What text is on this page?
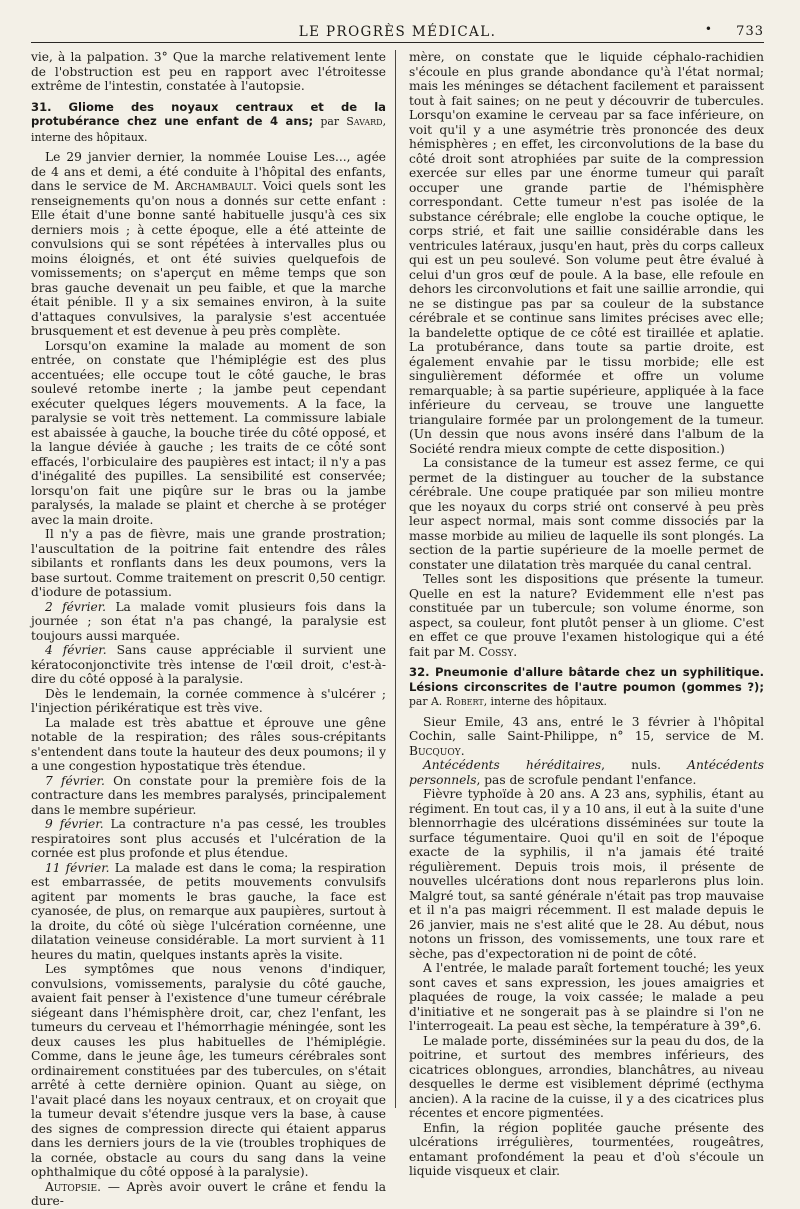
LE PROGRÈS MÉDICAL.	• 733

vie, à la palpation. 3° Que la marche relativement lente de l'obstruction est peu en rapport avec l'étroitesse extrême de l'intestin, constatée à l'autopsie.

31. Gliome des noyaux centraux et de la protubérance chez une enfant de 4 ans; par Savard, interne des hôpitaux.

Le 29 janvier dernier, la nommée Louise Les..., agée de 4 ans et demi, a été conduite à l'hôpital des enfants, dans le service de M. Archambault. Voici quels sont les renseignements qu'on nous a donnés sur cette enfant : Elle était d'une bonne santé habituelle jusqu'à ces six derniers mois ; à cette époque, elle a été atteinte de convulsions qui se sont répétées à intervalles plus ou moins éloignés, et ont été suivies quelquefois de vomissements; on s'aperçut en même temps que son bras gauche devenait un peu faible, et que la marche était pénible. Il y a six semaines environ, à la suite d'attaques convulsives, la paralysie s'est accentuée brusquement et est devenue à peu près complète.

Lorsqu'on examine la malade au moment de son entrée, on constate que l'hémiplégie est des plus accentuées; elle occupe tout le côté gauche, le bras soulevé retombe inerte ; la jambe peut cependant exécuter quelques légers mouvements. A la face, la paralysie se voit très nettement. La commissure labiale est abaissée à gauche, la bouche tirée du côté opposé, et la langue déviée à gauche ; les traits de ce côté sont effacés, l'orbiculaire des paupières est intact; il n'y a pas d'inégalité des pupilles. La sensibilité est conservée; lorsqu'on fait une piqûre sur le bras ou la jambe paralysés, la malade se plaint et cherche à se protéger avec la main droite.

Il n'y a pas de fièvre, mais une grande prostration; l'auscultation de la poitrine fait entendre des râles sibilants et ronflants dans les deux poumons, vers la base surtout. Comme traitement on prescrit 0,50 centigr. d'iodure de potassium.

2 février. La malade vomit plusieurs fois dans la journée ; son état n'a pas changé, la paralysie est toujours aussi marquée.

4 février. Sans cause appréciable il survient une kératoconjonctivite très intense de l'œil droit, c'est-à-dire du côté opposé à la paralysie.

Dès le lendemain, la cornée commence à s'ulcérer ; l'injection périkératique est très vive.

La malade est très abattue et éprouve une gêne notable de la respiration; des râles sous-crépitants s'entendent dans toute la hauteur des deux poumons; il y a une congestion hypostatique très étendue.

7 février. On constate pour la première fois de la contracture dans les membres paralysés, principalement dans le membre supérieur.

9 février. La contracture n'a pas cessé, les troubles respiratoires sont plus accusés et l'ulcération de la cornée est plus profonde et plus étendue.

11 février. La malade est dans le coma; la respiration est embarrassée, de petits mouvements convulsifs agitent par moments le bras gauche, la face est cyanosée, de plus, on remarque aux paupières, surtout à la droite, du côté où siège l'ulcération cornéenne, une dilatation veineuse considérable. La mort survient à 11 heures du matin, quelques instants après la visite.

Les symptômes que nous venons d'indiquer, convulsions, vomissements, paralysie du côté gauche, avaient fait penser à l'existence d'une tumeur cérébrale siégeant dans l'hémisphère droit, car, chez l'enfant, les tumeurs du cerveau et l'hémorrhagie méningée, sont les deux causes les plus habituelles de l'hémiplégie. Comme, dans le jeune âge, les tumeurs cérébrales sont ordinairement constituées par des tubercules, on s'était arrêté à cette dernière opinion. Quant au siège, on l'avait placé dans les noyaux centraux, et on croyait que la tumeur devait s'étendre jusque vers la base, à cause des signes de compression directe qui étaient apparus dans les derniers jours de la vie (troubles trophiques de la cornée, obstacle au cours du sang dans la veine ophthalmique du côté opposé à la paralysie).

Autopsie. — Après avoir ouvert le crâne et fendu la dure-

mère, on constate que le liquide céphalo-rachidien s'écoule en plus grande abondance qu'à l'état normal; mais les méninges se détachent facilement et paraissent tout à fait saines; on ne peut y découvrir de tubercules. Lorsqu'on examine le cerveau par sa face inférieure, on voit qu'il y a une asymétrie très prononcée des deux hémisphères ; en effet, les circonvolutions de la base du côté droit sont atrophiées par suite de la compression exercée sur elles par une énorme tumeur qui paraît occuper une grande partie de l'hémisphère correspondant. Cette tumeur n'est pas isolée de la substance cérébrale; elle englobe la couche optique, le corps strié, et fait une saillie considérable dans les ventricules latéraux, jusqu'en haut, près du corps calleux qui est un peu soulevé. Son volume peut être évalué à celui d'un gros œuf de poule. A la base, elle refoule en dehors les circonvolutions et fait une saillie arrondie, qui ne se distingue pas par sa couleur de la substance cérébrale et se continue sans limites précises avec elle; la bandelette optique de ce côté est tiraillée et aplatie. La protubérance, dans toute sa partie droite, est également envahie par le tissu morbide; elle est singulièrement déformée et offre un volume remarquable; à sa partie supérieure, appliquée à la face inférieure du cerveau, se trouve une languette triangulaire formée par un prolongement de la tumeur. (Un dessin que nous avons inséré dans l'album de la Société rendra mieux compte de cette disposition.)

La consistance de la tumeur est assez ferme, ce qui permet de la distinguer au toucher de la substance cérébrale. Une coupe pratiquée par son milieu montre que les noyaux du corps strié ont conservé à peu près leur aspect normal, mais sont comme dissociés par la masse morbide au milieu de laquelle ils sont plongés. La section de la partie supérieure de la moelle permet de constater une dilatation très marquée du canal central.

Telles sont les dispositions que présente la tumeur. Quelle en est la nature? Evidemment elle n'est pas constituée par un tubercule; son volume énorme, son aspect, sa couleur, font plutôt penser à un gliome. C'est en effet ce que prouve l'examen histologique qui a été fait par M. Cossy.

32. Pneumonie d'allure bâtarde chez un syphilitique. Lésions circonscrites de l'autre poumon (gommes ?); par A. Robert, interne des hôpitaux.

Sieur Emile, 43 ans, entré le 3 février à l'hôpital Cochin, salle Saint-Philippe, n° 15, service de M. Bucquoy.

Antécédents héréditaires, nuls. Antécédents personnels, pas de scrofule pendant l'enfance.

Fièvre typhoïde à 20 ans. A 23 ans, syphilis, étant au régiment. En tout cas, il y a 10 ans, il eut à la suite d'une blennorrhagie des ulcérations disséminées sur toute la surface tégumentaire. Quoi qu'il en soit de l'époque exacte de la syphilis, il n'a jamais été traité régulièrement. Depuis trois mois, il présente de nouvelles ulcérations dont nous reparlerons plus loin. Malgré tout, sa santé générale n'était pas trop mauvaise et il n'a pas maigri récemment. Il est malade depuis le 26 janvier, mais ne s'est alité que le 28. Au début, nous notons un frisson, des vomissements, une toux rare et sèche, pas d'expectoration ni de point de côté.

A l'entrée, le malade paraît fortement touché; les yeux sont caves et sans expression, les joues amaigries et plaquées de rouge, la voix cassée; le malade a peu d'initiative et ne songerait pas à se plaindre si l'on ne l'interrogeait. La peau est sèche, la température à 39°,6.

Le malade porte, disséminées sur la peau du dos, de la poitrine, et surtout des membres inférieurs, des cicatrices oblongues, arrondies, blanchâtres, au niveau desquelles le derme est visiblement déprimé (ecthyma ancien). A la racine de la cuisse, il y a des cicatrices plus récentes et encore pigmentées.

Enfin, la région poplitée gauche présente des ulcérations irrégulières, tourmentées, rougeâtres, entamant profondément la peau et d'où s'écoule un liquide visqueux et clair.
